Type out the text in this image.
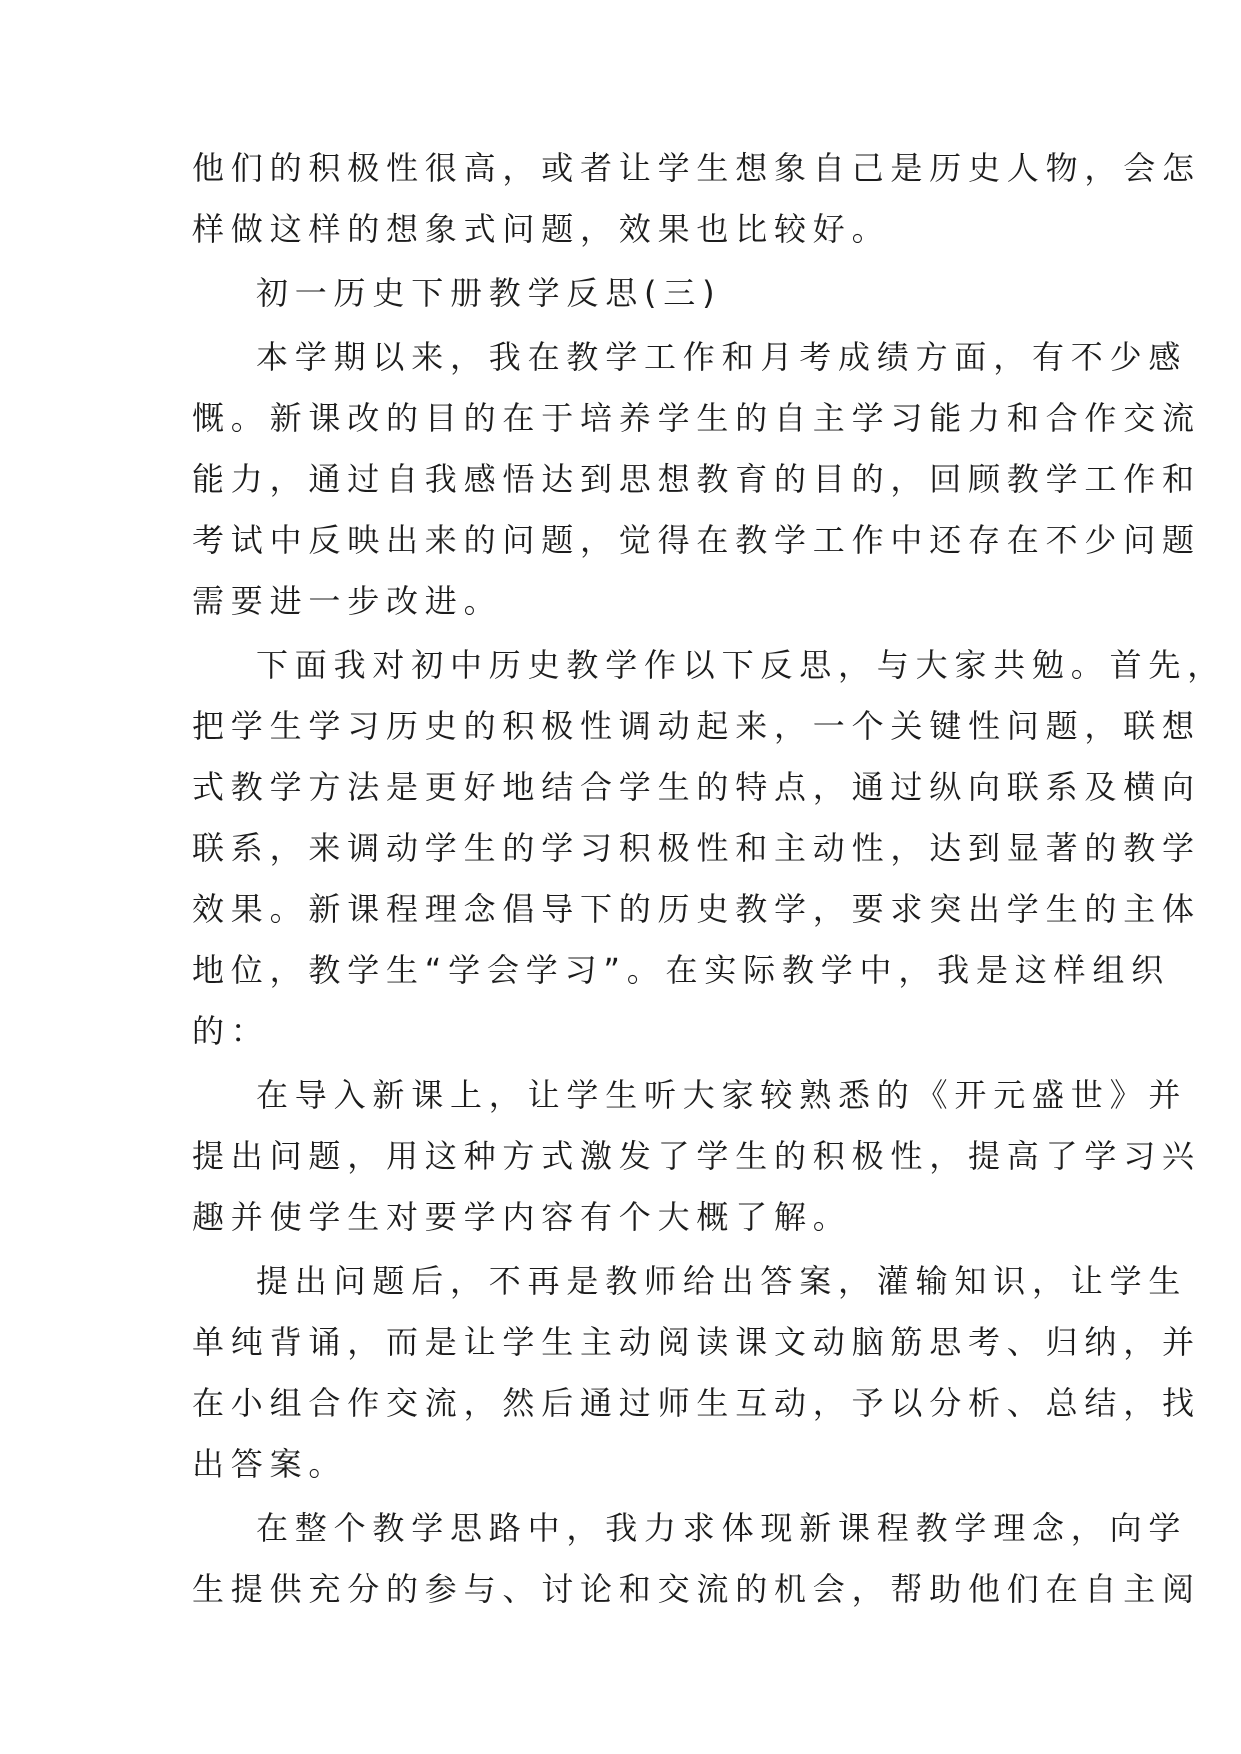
他们的积极性很高，或者让学生想象自己是历史人物，会怎
样做这样的想象式问题，效果也比较好。
初一历史下册教学反思(三)
本学期以来，我在教学工作和月考成绩方面，有不少感
慨。新课改的目的在于培养学生的自主学习能力和合作交流
能力，通过自我感悟达到思想教育的目的，回顾教学工作和
考试中反映出来的问题，觉得在教学工作中还存在不少问题
需要进一步改进。
下面我对初中历史教学作以下反思，与大家共勉。首先，
把学生学习历史的积极性调动起来，一个关键性问题，联想
式教学方法是更好地结合学生的特点，通过纵向联系及横向
联系，来调动学生的学习积极性和主动性，达到显著的教学
效果。新课程理念倡导下的历史教学，要求突出学生的主体
地位，教学生“学会学习”。在实际教学中，我是这样组织
的：
在导入新课上，让学生听大家较熟悉的《开元盛世》并
提出问题，用这种方式激发了学生的积极性，提高了学习兴
趣并使学生对要学内容有个大概了解。
提出问题后，不再是教师给出答案，灌输知识，让学生
单纯背诵，而是让学生主动阅读课文动脑筋思考、归纳，并
在小组合作交流，然后通过师生互动，予以分析、总结，找
出答案。
在整个教学思路中，我力求体现新课程教学理念，向学
生提供充分的参与、讨论和交流的机会，帮助他们在自主阅
